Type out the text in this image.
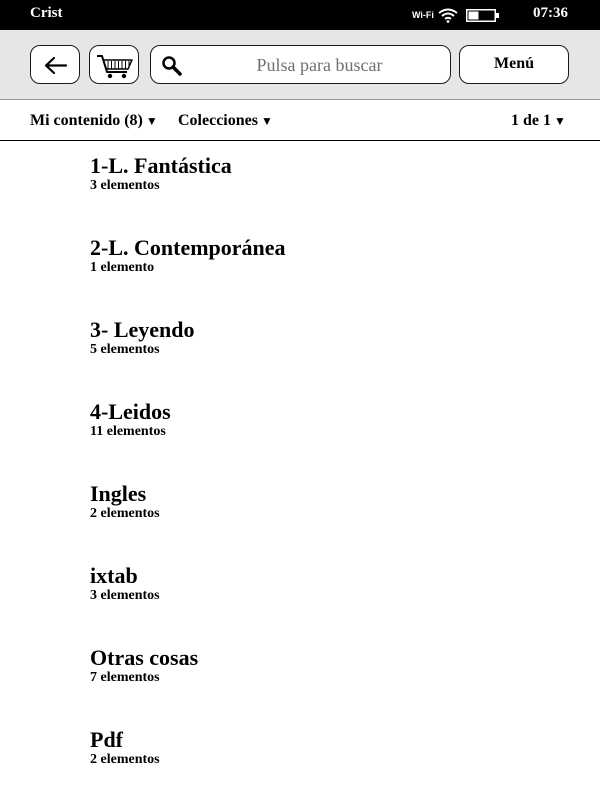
Crist	Wi-Fi	07:36
Pulsa para buscar	Menú
Mi contenido (8) ▼ Colecciones ▼	1 de 1 ▼
1-L. Fantástica
3 elementos
2-L. Contemporánea
1 elemento
3- Leyendo
5 elementos
4-Leidos
11 elementos
Ingles
2 elementos
ixtab
3 elementos
Otras cosas
7 elementos
Pdf
2 elementos
